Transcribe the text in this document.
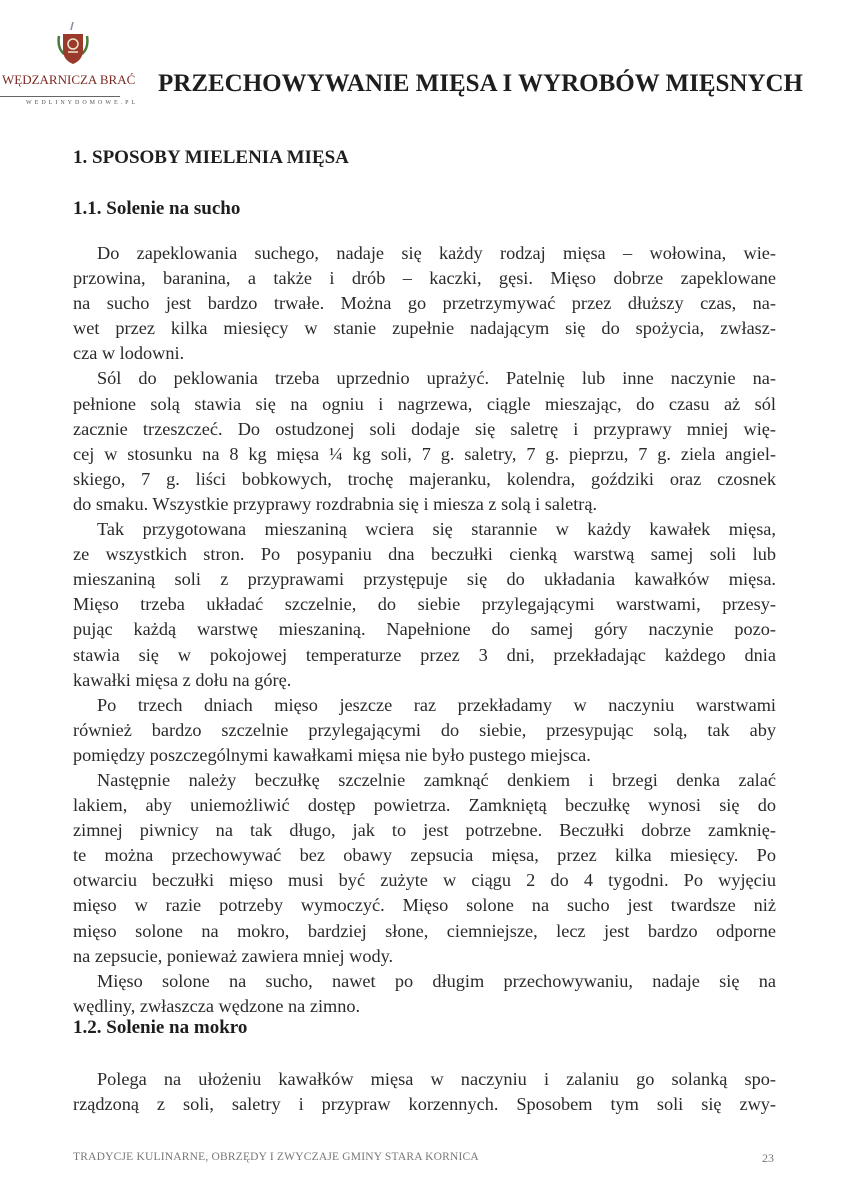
WĘDZARNICZA BRAĆ
WEDLINYDOMOWE.PL
PRZECHOWYWANIE MIĘSA I WYROBÓW MIĘSNYCH
1. SPOSOBY MIELENIA MIĘSA
1.1. Solenie na sucho
Do zapeklowania suchego, nadaje się każdy rodzaj mięsa – wołowina, wie-
przowina, baranina, a także i drób – kaczki, gęsi. Mięso dobrze zapeklowane
na sucho jest bardzo trwałe. Można go przetrzymywać przez dłuższy czas, na-
wet przez kilka miesięcy w stanie zupełnie nadającym się do spożycia, zwłasz-
cza w lodowni.
Sól do peklowania trzeba uprzednio uprażyć. Patelnię lub inne naczynie na-
pełnione solą stawia się na ogniu i nagrzewa, ciągle mieszając, do czasu aż sól
zacznie trzeszczeć. Do ostudzonej soli dodaje się saletrę i przyprawy mniej wię-
cej w stosunku na 8 kg mięsa ¼ kg soli, 7 g. saletry, 7 g. pieprzu, 7 g. ziela angiel-
skiego, 7 g. liści bobkowych, trochę majeranku, kolendra, goździki oraz czosnek
do smaku. Wszystkie przyprawy rozdrabnia się i miesza z solą i saletrą.
Tak przygotowana mieszaniną wciera się starannie w każdy kawałek mięsa,
ze wszystkich stron. Po posypaniu dna beczułki cienką warstwą samej soli lub
mieszaniną soli z przyprawami przystępuje się do układania kawałków mięsa.
Mięso trzeba układać szczelnie, do siebie przylegającymi warstwami, przesy-
pując każdą warstwę mieszaniną. Napełnione do samej góry naczynie pozo-
stawia się w pokojowej temperaturze przez 3 dni, przekładając każdego dnia
kawałki mięsa z dołu na górę.
Po trzech dniach mięso jeszcze raz przekładamy w naczyniu warstwami
również bardzo szczelnie przylegającymi do siebie, przesypując solą, tak aby
pomiędzy poszczególnymi kawałkami mięsa nie było pustego miejsca.
Następnie należy beczułkę szczelnie zamknąć denkiem i brzegi denka zalać
lakiem, aby uniemożliwić dostęp powietrza. Zamkniętą beczułkę wynosi się do
zimnej piwnicy na tak długo, jak to jest potrzebne. Beczułki dobrze zamknię-
te można przechowywać bez obawy zepsucia mięsa, przez kilka miesięcy. Po
otwarciu beczułki mięso musi być zużyte w ciągu 2 do 4 tygodni. Po wyjęciu
mięso w razie potrzeby wymoczyć. Mięso solone na sucho jest twardsze niż
mięso solone na mokro, bardziej słone, ciemniejsze, lecz jest bardzo odporne
na zepsucie, ponieważ zawiera mniej wody.
Mięso solone na sucho, nawet po długim przechowywaniu, nadaje się na
wędliny, zwłaszcza wędzone na zimno.
1.2. Solenie na mokro
Polega na ułożeniu kawałków mięsa w naczyniu i zalaniu go solanką spo-
rządzoną z soli, saletry i przypraw korzennych. Sposobem tym soli się zwy-
TRADYCJE KULINARNE, OBRZĘDY I ZWYCZAJE GMINY STARA KORNICA	23
